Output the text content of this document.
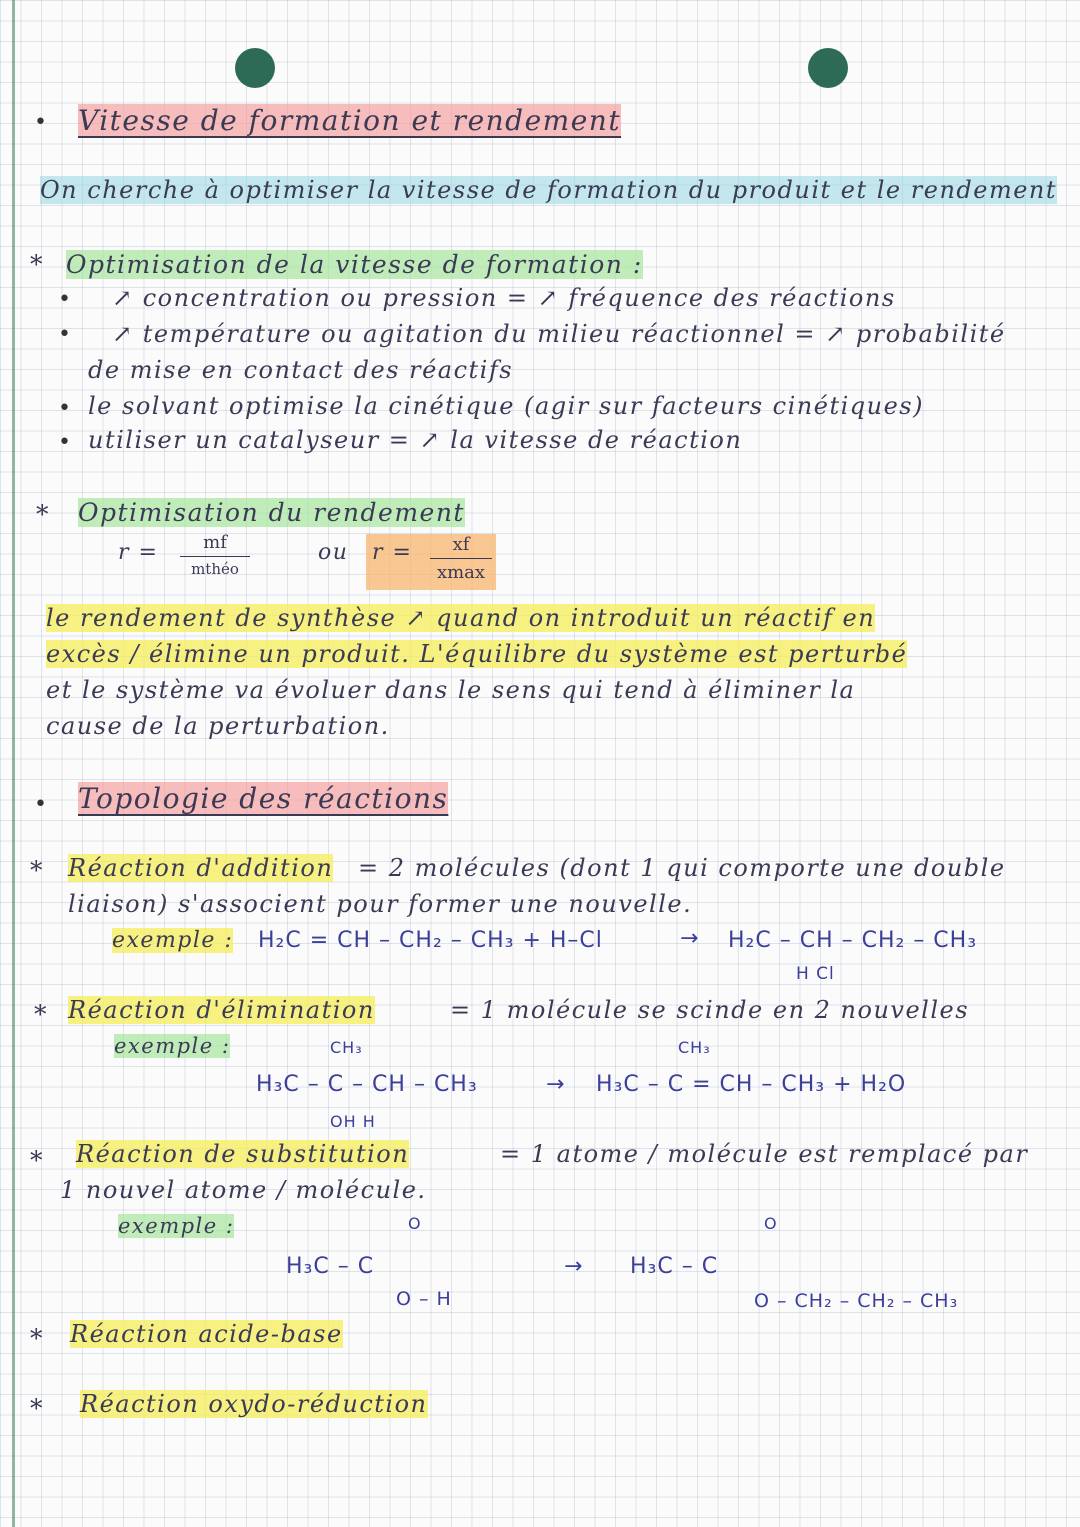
• Vitesse de formation et rendement
On cherche à optimiser la vitesse de formation du produit et le rendement
* Optimisation de la vitesse de formation :
• ↗ concentration ou pression = ↗ fréquence des réactions
• ↗ température ou agitation du milieu réactionnel = ↗ probabilité
de mise en contact des réactifs
• le solvant optimise la cinétique (agir sur facteurs cinétiques)
• utiliser un catalyseur = ↗ la vitesse de réaction
* Optimisation du rendement
r =	mf
mthéo
ou r =	xf
xmax
le rendement de synthèse ↗ quand on introduit un réactif en
excès / élimine un produit. L'équilibre du système est perturbé
et le système va évoluer dans le sens qui tend à éliminer la
cause de la perturbation.
• Topologie des réactions
* Réaction d'addition = 2 molécules (dont 1 qui comporte une double
liaison) s'associent pour former une nouvelle.
exemple : H₂C = CH – CH₂ – CH₃ + H–Cl	→ H₂C – CH – CH₂ – CH₃
H Cl
* Réaction d'élimination	= 1 molécule se scinde en 2 nouvelles
exemple :	CH₃
H₃C – C – CH – CH₃
OH H
→
CH₃
H₃C – C = CH – CH₃ + H₂O
* Réaction de substitution	= 1 atome / molécule est remplacé par
1 nouvel atome / molécule.
exemple :	O
H₃C – C
O – H
→
O
H₃C – C
O – CH₂ – CH₂ – CH₃
* Réaction acide-base
* Réaction oxydo-réduction
